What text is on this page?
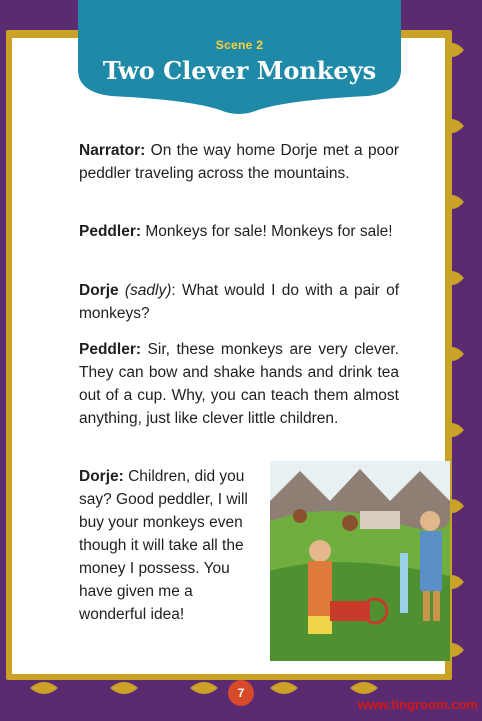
Scene 2
Two Clever Monkeys
Narrator: On the way home Dorje met a poor peddler traveling across the mountains.
Peddler: Monkeys for sale! Monkeys for sale!
Dorje (sadly): What would I do with a pair of monkeys?
Peddler: Sir, these monkeys are very clever. They can bow and shake hands and drink tea out of a cup. Why, you can teach them almost anything, just like clever little children.
Dorje: Children, did you say? Good peddler, I will buy your monkeys even though it will take all the money I possess. You have given me a wonderful idea!
7
www.tingroom.com
